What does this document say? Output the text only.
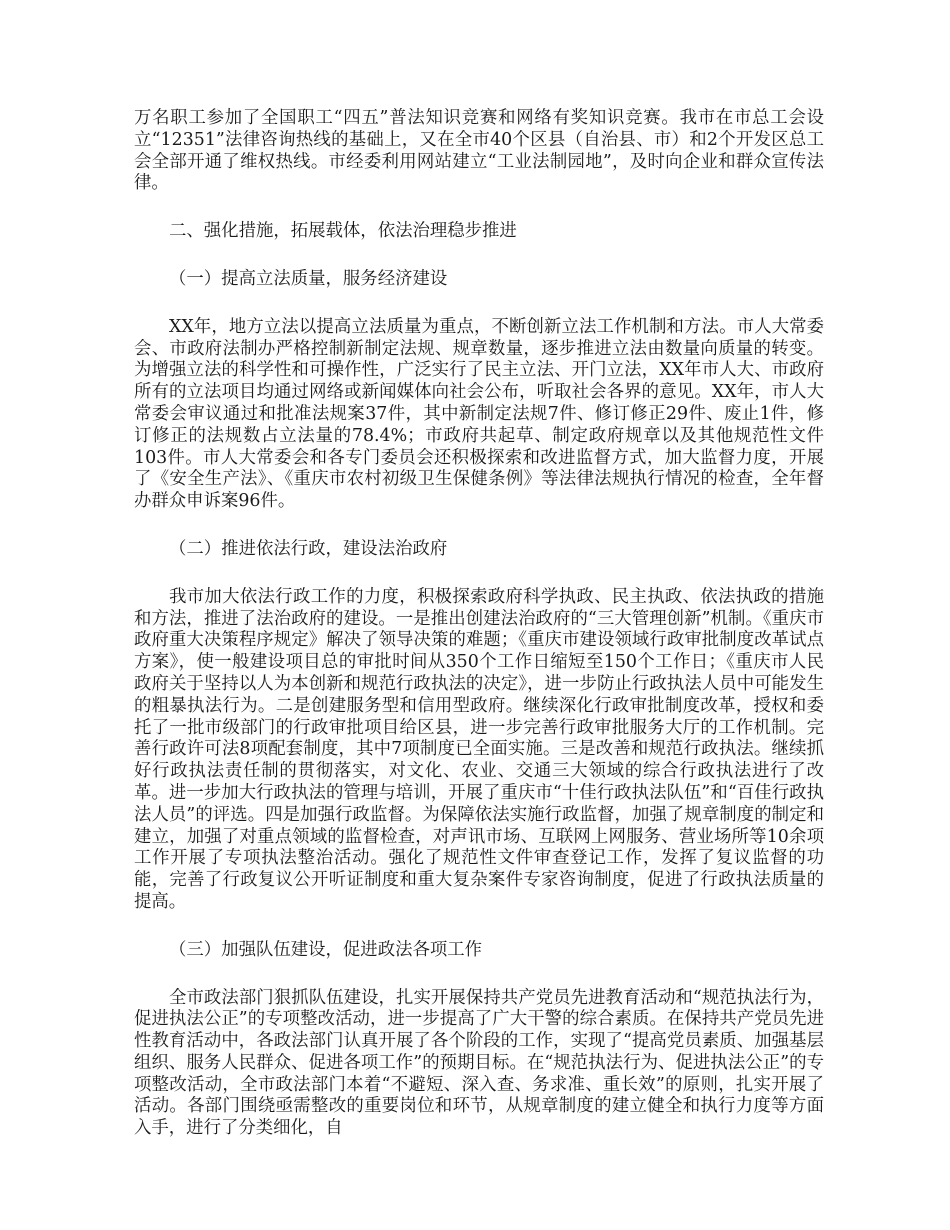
万名职工参加了全国职工“四五”普法知识竞赛和网络有奖知识竞赛。我市在市总工会设立“12351”法律咨询热线的基础上，又在全市40个区县（自治县、市）和2个开发区总工会全部开通了维权热线。市经委利用网站建立“工业法制园地”，及时向企业和群众宣传法律。

二、强化措施，拓展载体，依法治理稳步推进

（一）提高立法质量，服务经济建设

XX年，地方立法以提高立法质量为重点，不断创新立法工作机制和方法。市人大常委会、市政府法制办严格控制新制定法规、规章数量，逐步推进立法由数量向质量的转变。为增强立法的科学性和可操作性，广泛实行了民主立法、开门立法，XX年市人大、市政府所有的立法项目均通过网络或新闻媒体向社会公布，听取社会各界的意见。XX年，市人大常委会审议通过和批准法规案37件，其中新制定法规7件、修订修正29件、废止1件，修订修正的法规数占立法量的78.4%；市政府共起草、制定政府规章以及其他规范性文件103件。市人大常委会和各专门委员会还积极探索和改进监督方式，加大监督力度，开展了《安全生产法》、《重庆市农村初级卫生保健条例》等法律法规执行情况的检查，全年督办群众申诉案96件。

（二）推进依法行政，建设法治政府

我市加大依法行政工作的力度，积极探索政府科学执政、民主执政、依法执政的措施和方法，推进了法治政府的建设。一是推出创建法治政府的“三大管理创新”机制。《重庆市政府重大决策程序规定》解决了领导决策的难题；《重庆市建设领域行政审批制度改革试点方案》，使一般建设项目总的审批时间从350个工作日缩短至150个工作日；《重庆市人民政府关于坚持以人为本创新和规范行政执法的决定》，进一步防止行政执法人员中可能发生的粗暴执法行为。二是创建服务型和信用型政府。继续深化行政审批制度改革，授权和委托了一批市级部门的行政审批项目给区县，进一步完善行政审批服务大厅的工作机制。完善行政许可法8项配套制度，其中7项制度已全面实施。三是改善和规范行政执法。继续抓好行政执法责任制的贯彻落实，对文化、农业、交通三大领域的综合行政执法进行了改革。进一步加大行政执法的管理与培训，开展了重庆市“十佳行政执法队伍”和“百佳行政执法人员”的评选。四是加强行政监督。为保障依法实施行政监督，加强了规章制度的制定和建立，加强了对重点领域的监督检查，对声讯市场、互联网上网服务、营业场所等10余项工作开展了专项执法整治活动。强化了规范性文件审查登记工作，发挥了复议监督的功能，完善了行政复议公开听证制度和重大复杂案件专家咨询制度，促进了行政执法质量的提高。

（三）加强队伍建设，促进政法各项工作

全市政法部门狠抓队伍建设，扎实开展保持共产党员先进教育活动和“规范执法行为，促进执法公正”的专项整改活动，进一步提高了广大干警的综合素质。在保持共产党员先进性教育活动中，各政法部门认真开展了各个阶段的工作，实现了“提高党员素质、加强基层组织、服务人民群众、促进各项工作”的预期目标。在“规范执法行为、促进执法公正”的专项整改活动，全市政法部门本着“不避短、深入查、务求准、重长效”的原则，扎实开展了活动。各部门围绕亟需整改的重要岗位和环节，从规章制度的建立健全和执行力度等方面入手，进行了分类细化，自
